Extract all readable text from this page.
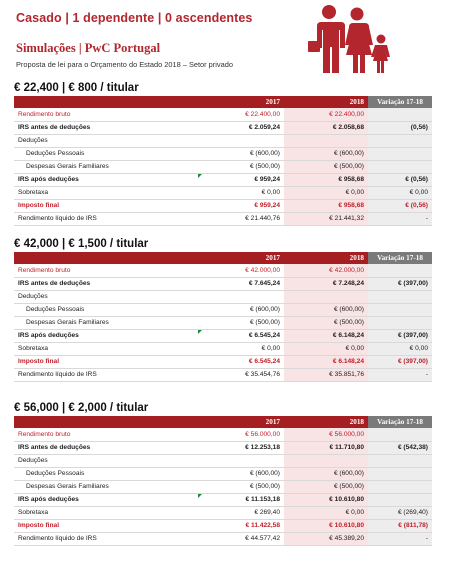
Casado | 1 dependente | 0 ascendentes
Simulações | PwC Portugal
Proposta de lei para o Orçamento do Estado 2018 – Setor privado
€ 22,400 | € 800 / titular
	2017	2018	Variação 17-18
Rendimento bruto	€ 22.400,00	€ 22.400,00	
IRS antes de deduções	€ 2.059,24	€ 2.058,68	(0,56)
Deduções			
Deduções Pessoais	€ (600,00)	€ (600,00)	
Despesas Gerais Familiares	€ (500,00)	€ (500,00)	
IRS após deduções	€ 959,24	€ 958,68	€ (0,56)
Sobretaxa	€ 0,00	€ 0,00	€ 0,00
Imposto final	€ 959,24	€ 958,68	€ (0,56)
Rendimento líquido de IRS	€ 21.440,76	€ 21.441,32	-
€ 42,000 | € 1,500 / titular
	2017	2018	Variação 17-18
Rendimento bruto	€ 42.000,00	€ 42.000,00	
IRS antes de deduções	€ 7.645,24	€ 7.248,24	€ (397,00)
Deduções			
Deduções Pessoais	€ (600,00)	€ (600,00)	
Despesas Gerais Familiares	€ (500,00)	€ (500,00)	
IRS após deduções	€ 6.545,24	€ 6.148,24	€ (397,00)
Sobretaxa	€ 0,00	€ 0,00	€ 0,00
Imposto final	€ 6.545,24	€ 6.148,24	€ (397,00)
Rendimento líquido de IRS	€ 35.454,76	€ 35.851,76	-
€ 56,000 | € 2,000 / titular
	2017	2018	Variação 17-18
Rendimento bruto	€ 56.000,00	€ 56.000,00	
IRS antes de deduções	€ 12.253,18	€ 11.710,80	€ (542,38)
Deduções			
Deduções Pessoais	€ (600,00)	€ (600,00)	
Despesas Gerais Familiares	€ (500,00)	€ (500,00)	
IRS após deduções	€ 11.153,18	€ 10.610,80	
Sobretaxa	€ 269,40	€ 0,00	€ (269,40)
Imposto final	€ 11.422,58	€ 10.610,80	€ (811,78)
Rendimento líquido de IRS	€ 44.577,42	€ 45.389,20	-
